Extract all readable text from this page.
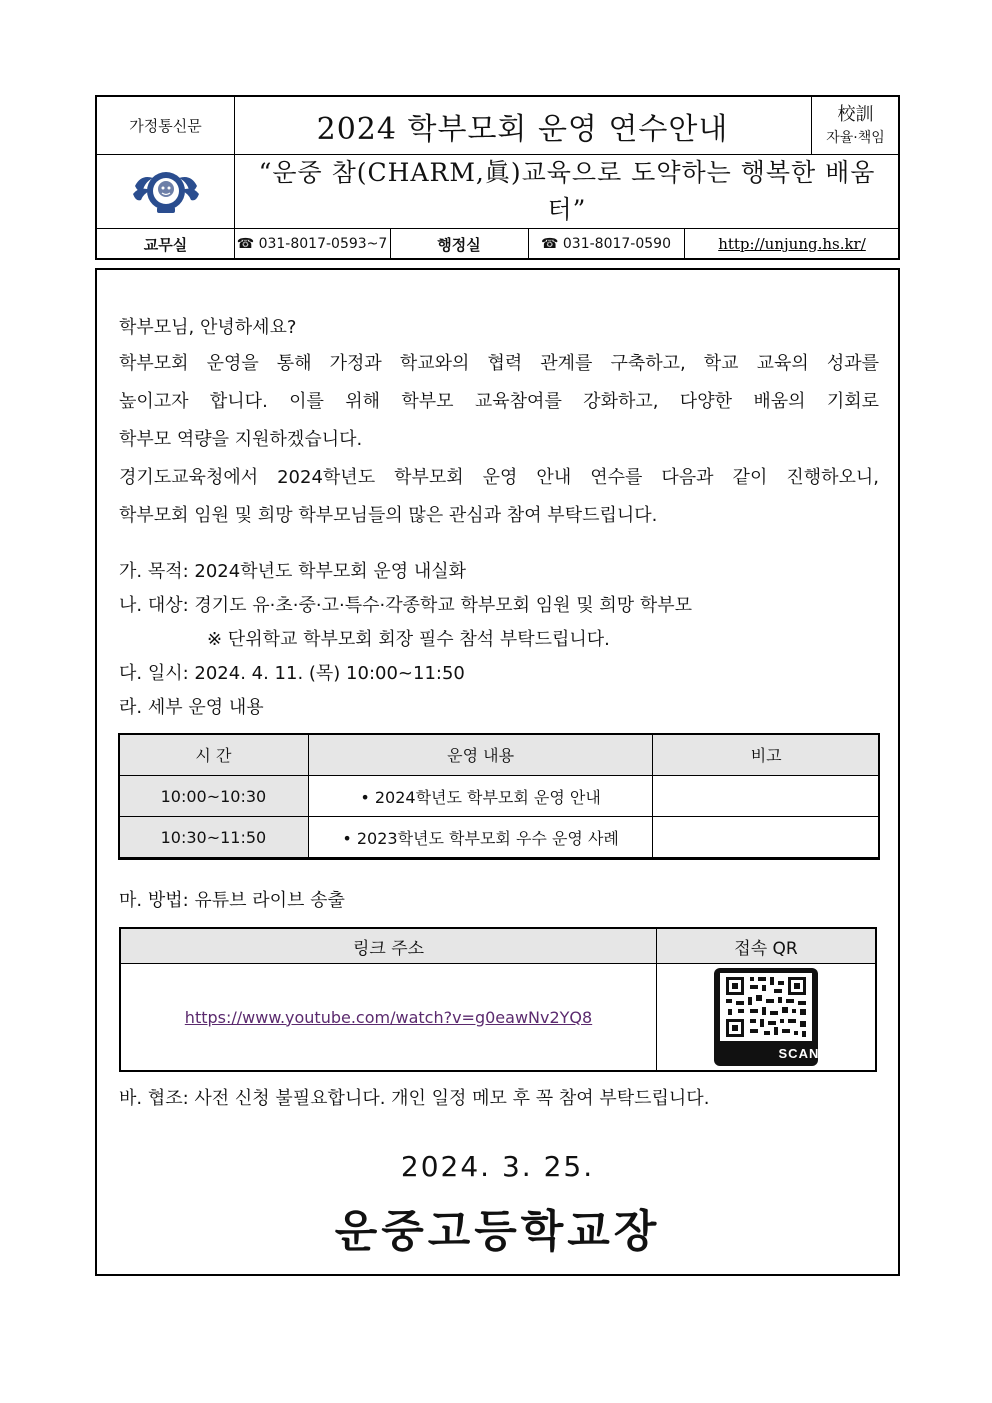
가정통신문	2024 학부모회 운영 연수안내	校訓
자율·책임
“운중 참(CHARM,眞)교육으로 도약하는 행복한 배움터”
교무실	☎ 031-8017-0593~7	행정실	☎ 031-8017-0590	http://unjung.hs.kr/
학부모님, 안녕하세요?
학부모회 운영을 통해 가정과 학교와의 협력 관계를 구축하고, 학교 교육의 성과를
높이고자 합니다. 이를 위해 학부모 교육참여를 강화하고, 다양한 배움의 기회로
학부모 역량을 지원하겠습니다.
경기도교육청에서 2024학년도 학부모회 운영 안내 연수를 다음과 같이 진행하오니,
학부모회 임원 및 희망 학부모님들의 많은 관심과 참여 부탁드립니다.
가. 목적: 2024학년도 학부모회 운영 내실화
나. 대상: 경기도 유·초·중·고·특수·각종학교 학부모회 임원 및 희망 학부모
※ 단위학교 학부모회 회장 필수 참석 부탁드립니다.
다. 일시: 2024. 4. 11. (목) 10:00~11:50
라. 세부 운영 내용
시 간	운영 내용	비고
10:00~10:30	• 2024학년도 학부모회 운영 안내	
10:30~11:50	• 2023학년도 학부모회 우수 운영 사례	
마. 방법: 유튜브 라이브 송출
링크 주소	접속 QR
https://www.youtube.com/watch?v=g0eawNv2YQ8
SCAN ME
바. 협조: 사전 신청 불필요합니다. 개인 일정 메모 후 꼭 참여 부탁드립니다.
2024. 3. 25.
운중고등학교장
